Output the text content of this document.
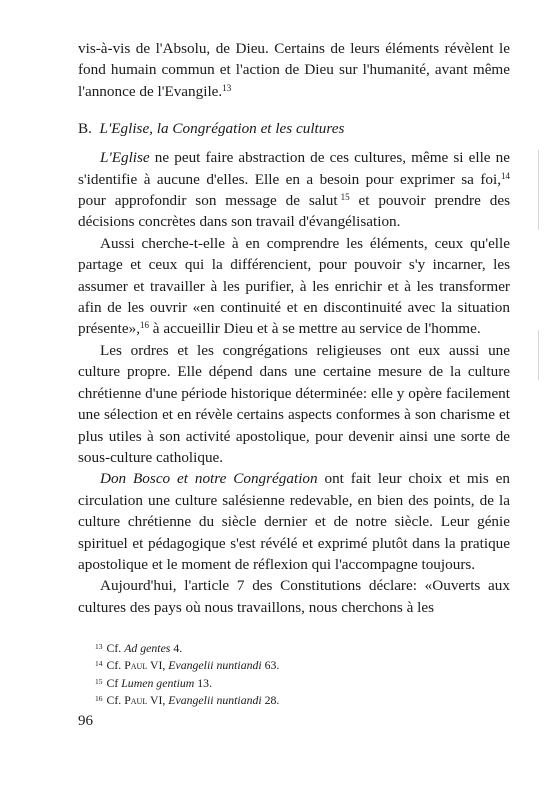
vis-à-vis de l'Absolu, de Dieu. Certains de leurs éléments révèlent le fond humain commun et l'action de Dieu sur l'humanité, avant même l'annonce de l'Evangile.$^{13}$

B. L'Eglise, la Congrégation et les cultures

L'Eglise ne peut faire abstraction de ces cultures, même si elle ne s'identifie à aucune d'elles. Elle en a besoin pour exprimer sa foi,$^{14}$ pour approfondir son message de salut  $^{15}$ et pouvoir prendre des décisions concrètes dans son travail d'évangélisation.

Aussi cherche-t-elle à en comprendre les éléments, ceux qu'elle partage et ceux qui la différencient, pour pouvoir s'y incarner, les assumer et travailler à les purifier, à les enrichir et à les transformer afin de les ouvrir «en continuité et en discontinuité avec la situation présente»,$^{16}$ à accueillir Dieu et à se mettre au service de l'homme.

Les ordres et les congrégations religieuses ont eux aussi une culture propre. Elle dépend dans une certaine mesure de la culture chrétienne d'une période historique déterminée: elle y opère facilement une sélection et en révèle certains aspects conformes à son charisme et plus utiles à son activité apostolique, pour devenir ainsi une sorte de sous-culture catholique.

Don Bosco et notre Congrégation ont fait leur choix et mis en circulation une culture salésienne redevable, en bien des points, de la culture chrétienne du siècle dernier et de notre siècle. Leur génie spirituel et pédagogique s'est révélé et exprimé plutôt dans la pratique apostolique et le moment de réflexion qui l'accompagne toujours.

Aujourd'hui, l'article 7 des Constitutions déclare: «Ouverts aux cultures des pays où nous travaillons, nous cherchons à les

$^{13}$ Cf. Ad gentes 4.

$^{14}$ Cf. Paul VI, Evangelii nuntiandi 63.

$^{15}$ Cf Lumen gentium 13.

$^{16}$ Cf. Paul VI, Evangelii nuntiandi 28.

96
